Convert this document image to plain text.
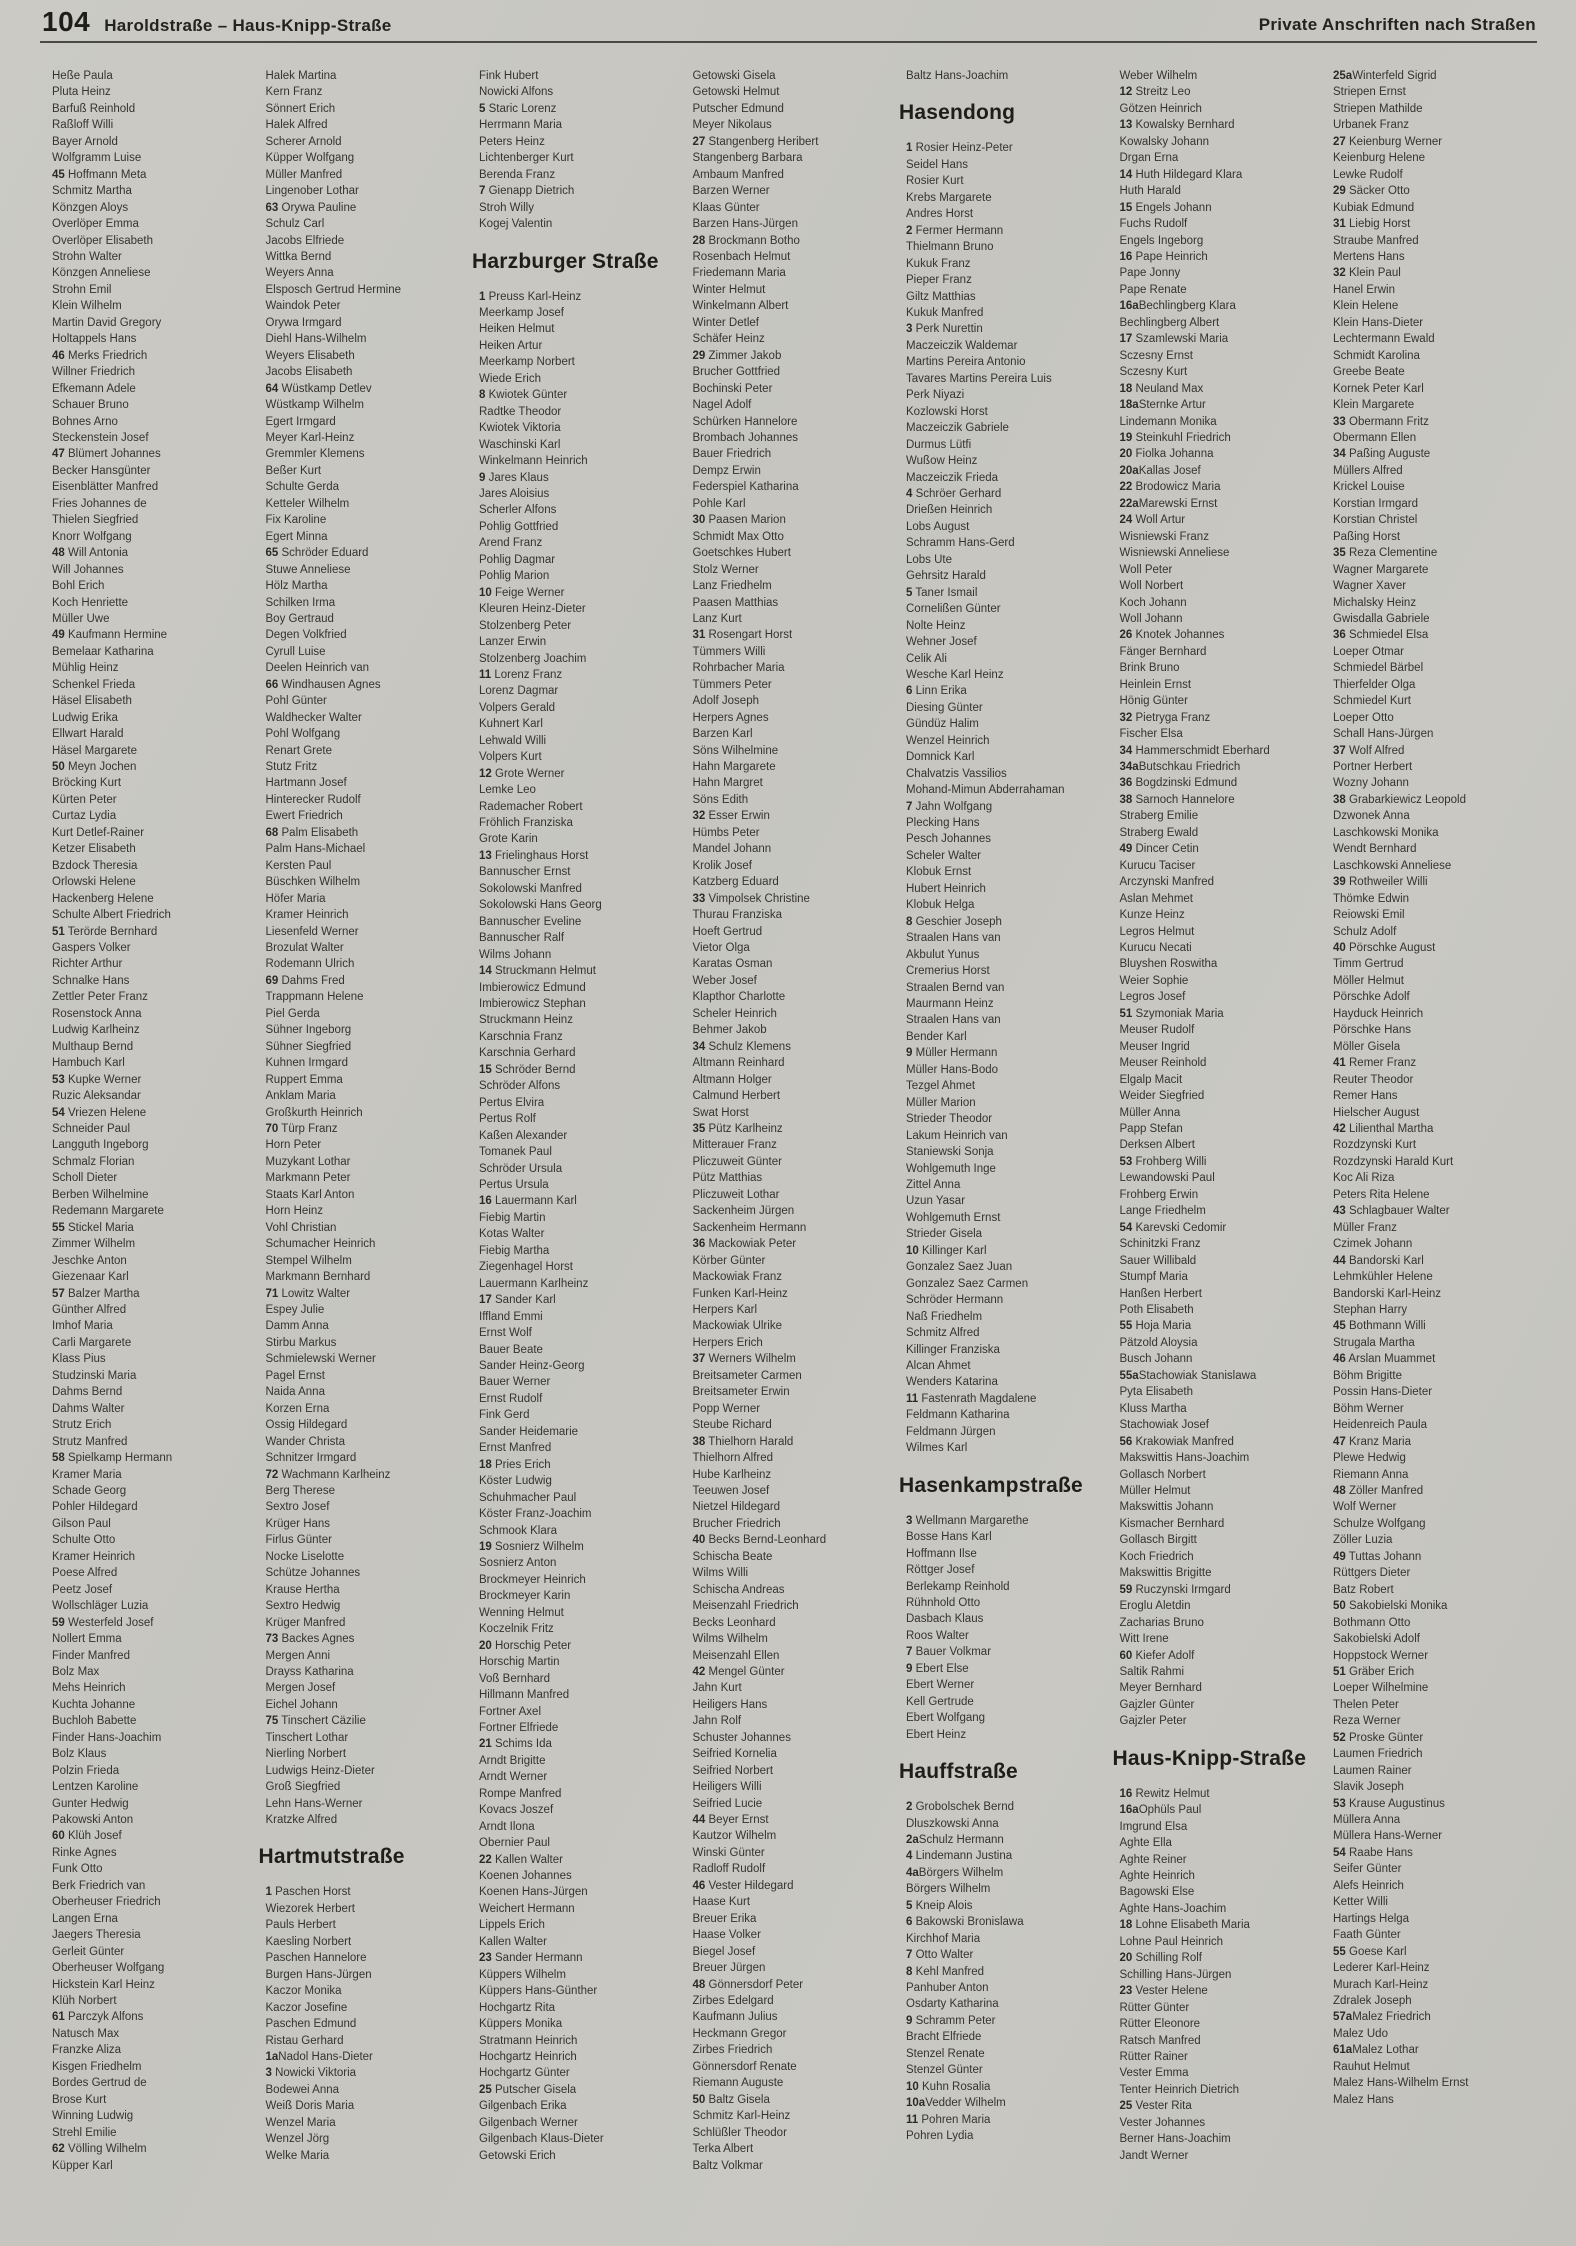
104 Haroldstraße – Haus-Knipp-Straße	Private Anschriften nach Straßen
Heße Paula
Pluta Heinz
Barfuß Reinhold
Raßloff Willi
Bayer Arnold
Wolfgramm Luise
45 Hoffmann Meta
Schmitz Martha
Könzgen Aloys
Overlöper Emma
Overlöper Elisabeth
Strohn Walter
Könzgen Anneliese
Strohn Emil
Klein Wilhelm
Martin David Gregory
Holtappels Hans
46 Merks Friedrich
Willner Friedrich
Efkemann Adele
Schauer Bruno
Bohnes Arno
Steckenstein Josef
47 Blümert Johannes
Becker Hansgünter
Eisenblätter Manfred
Fries Johannes de
Thielen Siegfried
Knorr Wolfgang
48 Will Antonia
Will Johannes
Bohl Erich
Koch Henriette
Müller Uwe
49 Kaufmann Hermine
Bemelaar Katharina
Mühlig Heinz
Schenkel Frieda
Häsel Elisabeth
Ludwig Erika
Ellwart Harald
Häsel Margarete
50 Meyn Jochen
Bröcking Kurt
Kürten Peter
Curtaz Lydia
Kurt Detlef-Rainer
Ketzer Elisabeth
Bzdock Theresia
Orlowski Helene
Hackenberg Helene
Schulte Albert Friedrich
51 Terörde Bernhard
Gaspers Volker
Richter Arthur
Schnalke Hans
Zettler Peter Franz
Rosenstock Anna
Ludwig Karlheinz
Multhaup Bernd
Hambuch Karl
53 Kupke Werner
Ruzic Aleksandar
54 Vriezen Helene
Schneider Paul
Langguth Ingeborg
Schmalz Florian
Scholl Dieter
Berben Wilhelmine
Redemann Margarete
55 Stickel Maria
Zimmer Wilhelm
Jeschke Anton
Giezenaar Karl
57 Balzer Martha
Günther Alfred
Imhof Maria
Carli Margarete
Klass Pius
Studzinski Maria
Dahms Bernd
Dahms Walter
Strutz Erich
Strutz Manfred
58 Spielkamp Hermann
Kramer Maria
Schade Georg
Pohler Hildegard
Gilson Paul
Schulte Otto
Kramer Heinrich
Poese Alfred
Peetz Josef
Wollschläger Luzia
59 Westerfeld Josef
Nollert Emma
Finder Manfred
Bolz Max
Mehs Heinrich
Kuchta Johanne
Buchloh Babette
Finder Hans-Joachim
Bolz Klaus
Polzin Frieda
Lentzen Karoline
Gunter Hedwig
Pakowski Anton
60 Klüh Josef
Rinke Agnes
Funk Otto
Berk Friedrich van
Oberheuser Friedrich
Langen Erna
Jaegers Theresia
Gerleit Günter
Oberheuser Wolfgang
Hickstein Karl Heinz
Klüh Norbert
61 Parczyk Alfons
Natusch Max
Franzke Aliza
Kisgen Friedhelm
Bordes Gertrud de
Brose Kurt
Winning Ludwig
Strehl Emilie
62 Völling Wilhelm
Küpper Karl
Halek Martina
Kern Franz
Sönnert Erich
Halek Alfred
Scherer Arnold
Küpper Wolfgang
Müller Manfred
Lingenober Lothar
63 Orywa Pauline
Schulz Carl
Jacobs Elfriede
Wittka Bernd
Weyers Anna
Elsposch Gertrud Hermine
Waindok Peter
Orywa Irmgard
Diehl Hans-Wilhelm
Weyers Elisabeth
Jacobs Elisabeth
64 Wüstkamp Detlev
Wüstkamp Wilhelm
Egert Irmgard
Meyer Karl-Heinz
Gremmler Klemens
Beßer Kurt
Schulte Gerda
Ketteler Wilhelm
Fix Karoline
Egert Minna
65 Schröder Eduard
Stuwe Anneliese
Hölz Martha
Schilken Irma
Boy Gertraud
Degen Volkfried
Cyrull Luise
Deelen Heinrich van
66 Windhausen Agnes
Pohl Günter
Waldhecker Walter
Pohl Wolfgang
Renart Grete
Stutz Fritz
Hartmann Josef
Hinterecker Rudolf
Ewert Friedrich
68 Palm Elisabeth
Palm Hans-Michael
Kersten Paul
Büschken Wilhelm
Höfer Maria
Kramer Heinrich
Liesenfeld Werner
Brozulat Walter
Rodemann Ulrich
69 Dahms Fred
Trappmann Helene
Piel Gerda
Sühner Ingeborg
Sühner Siegfried
Kuhnen Irmgard
Ruppert Emma
Anklam Maria
Großkurth Heinrich
70 Türp Franz
Horn Peter
Muzykant Lothar
Markmann Peter
Staats Karl Anton
Horn Heinz
Vohl Christian
Schumacher Heinrich
Stempel Wilhelm
Markmann Bernhard
71 Lowitz Walter
Espey Julie
Damm Anna
Stirbu Markus
Schmielewski Werner
Pagel Ernst
Naida Anna
Korzen Erna
Ossig Hildegard
Wander Christa
Schnitzer Irmgard
72 Wachmann Karlheinz
Berg Therese
Sextro Josef
Krüger Hans
Firlus Günter
Nocke Liselotte
Schütze Johannes
Krause Hertha
Sextro Hedwig
Krüger Manfred
73 Backes Agnes
Mergen Anni
Drayss Katharina
Mergen Josef
Eichel Johann
75 Tinschert Cäzilie
Tinschert Lothar
Nierling Norbert
Ludwigs Heinz-Dieter
Groß Siegfried
Lehn Hans-Werner
Kratzke Alfred
Hartmutstraße
1 Paschen Horst
Wiezorek Herbert
Pauls Herbert
Kaesling Norbert
Paschen Hannelore
Burgen Hans-Jürgen
Kaczor Monika
Kaczor Josefine
Paschen Edmund
Ristau Gerhard
1aNadol Hans-Dieter
3 Nowicki Viktoria
Bodewei Anna
Weiß Doris Maria
Wenzel Maria
Wenzel Jörg
Welke Maria
Fink Hubert
Nowicki Alfons
5 Staric Lorenz
Herrmann Maria
Peters Heinz
Lichtenberger Kurt
Berenda Franz
7 Gienapp Dietrich
Stroh Willy
Kogej Valentin
Harzburger Straße
1 Preuss Karl-Heinz
Meerkamp Josef
Heiken Helmut
Heiken Artur
Meerkamp Norbert
Wiede Erich
8 Kwiotek Günter
Radtke Theodor
Kwiotek Viktoria
Waschinski Karl
Winkelmann Heinrich
9 Jares Klaus
Jares Aloisius
Scherler Alfons
Pohlig Gottfried
Arend Franz
Pohlig Dagmar
Pohlig Marion
10 Feige Werner
Kleuren Heinz-Dieter
Stolzenberg Peter
Lanzer Erwin
Stolzenberg Joachim
11 Lorenz Franz
Lorenz Dagmar
Volpers Gerald
Kuhnert Karl
Lehwald Willi
Volpers Kurt
12 Grote Werner
Lemke Leo
Rademacher Robert
Fröhlich Franziska
Grote Karin
13 Frielinghaus Horst
Bannuscher Ernst
Sokolowski Manfred
Sokolowski Hans Georg
Bannuscher Eveline
Bannuscher Ralf
Wilms Johann
14 Struckmann Helmut
Imbierowicz Edmund
Imbierowicz Stephan
Struckmann Heinz
Karschnia Franz
Karschnia Gerhard
15 Schröder Bernd
Schröder Alfons
Pertus Elvira
Pertus Rolf
Kaßen Alexander
Tomanek Paul
Schröder Ursula
Pertus Ursula
16 Lauermann Karl
Fiebig Martin
Kotas Walter
Fiebig Martha
Ziegenhagel Horst
Lauermann Karlheinz
17 Sander Karl
Iffland Emmi
Ernst Wolf
Bauer Beate
Sander Heinz-Georg
Bauer Werner
Ernst Rudolf
Fink Gerd
Sander Heidemarie
Ernst Manfred
18 Pries Erich
Köster Ludwig
Schuhmacher Paul
Köster Franz-Joachim
Schmook Klara
19 Sosnierz Wilhelm
Sosnierz Anton
Brockmeyer Heinrich
Brockmeyer Karin
Wenning Helmut
Koczelnik Fritz
20 Horschig Peter
Horschig Martin
Voß Bernhard
Hillmann Manfred
Fortner Axel
Fortner Elfriede
21 Schims Ida
Arndt Brigitte
Arndt Werner
Rompe Manfred
Kovacs Joszef
Arndt Ilona
Obernier Paul
22 Kallen Walter
Koenen Johannes
Koenen Hans-Jürgen
Weichert Hermann
Lippels Erich
Kallen Walter
23 Sander Hermann
Küppers Wilhelm
Küppers Hans-Günther
Hochgartz Rita
Küppers Monika
Stratmann Heinrich
Hochgartz Heinrich
Hochgartz Günter
25 Putscher Gisela
Gilgenbach Erika
Gilgenbach Werner
Gilgenbach Klaus-Dieter
Getowski Erich
Getowski Gisela
Getowski Helmut
Putscher Edmund
Meyer Nikolaus
27 Stangenberg Heribert
Stangenberg Barbara
Ambaum Manfred
Barzen Werner
Klaas Günter
Barzen Hans-Jürgen
28 Brockmann Botho
Rosenbach Helmut
Friedemann Maria
Winter Helmut
Winkelmann Albert
Winter Detlef
Schäfer Heinz
29 Zimmer Jakob
Brucher Gottfried
Bochinski Peter
Nagel Adolf
Schürken Hannelore
Brombach Johannes
Bauer Friedrich
Dempz Erwin
Federspiel Katharina
Pohle Karl
30 Paasen Marion
Schmidt Max Otto
Goetschkes Hubert
Stolz Werner
Lanz Friedhelm
Paasen Matthias
Lanz Kurt
31 Rosengart Horst
Tümmers Willi
Rohrbacher Maria
Tümmers Peter
Adolf Joseph
Herpers Agnes
Barzen Karl
Söns Wilhelmine
Hahn Margarete
Hahn Margret
Söns Edith
32 Esser Erwin
Hümbs Peter
Mandel Johann
Krolik Josef
Katzberg Eduard
33 Vimpolsek Christine
Thurau Franziska
Hoeft Gertrud
Vietor Olga
Karatas Osman
Weber Josef
Klapthor Charlotte
Scheler Heinrich
Behmer Jakob
34 Schulz Klemens
Altmann Reinhard
Altmann Holger
Calmund Herbert
Swat Horst
35 Pütz Karlheinz
Mitterauer Franz
Pliczuweit Günter
Pütz Matthias
Pliczuweit Lothar
Sackenheim Jürgen
Sackenheim Hermann
36 Mackowiak Peter
Körber Günter
Mackowiak Franz
Funken Karl-Heinz
Herpers Karl
Mackowiak Ulrike
Herpers Erich
37 Werners Wilhelm
Breitsameter Carmen
Breitsameter Erwin
Popp Werner
Steube Richard
38 Thielhorn Harald
Thielhorn Alfred
Hube Karlheinz
Teeuwen Josef
Nietzel Hildegard
Brucher Friedrich
40 Becks Bernd-Leonhard
Schischa Beate
Wilms Willi
Schischa Andreas
Meisenzahl Friedrich
Becks Leonhard
Wilms Wilhelm
Meisenzahl Ellen
42 Mengel Günter
Jahn Kurt
Heiligers Hans
Jahn Rolf
Schuster Johannes
Seifried Kornelia
Seifried Norbert
Heiligers Willi
Seifried Lucie
44 Beyer Ernst
Kautzor Wilhelm
Winski Günter
Radloff Rudolf
46 Vester Hildegard
Haase Kurt
Breuer Erika
Haase Volker
Biegel Josef
Breuer Jürgen
48 Gönnersdorf Peter
Zirbes Edelgard
Kaufmann Julius
Heckmann Gregor
Zirbes Friedrich
Gönnersdorf Renate
Riemann Auguste
50 Baltz Gisela
Schmitz Karl-Heinz
Schlüßler Theodor
Terka Albert
Baltz Volkmar
Baltz Hans-Joachim
Hasendong
1 Rosier Heinz-Peter
Seidel Hans
Rosier Kurt
Krebs Margarete
Andres Horst
2 Fermer Hermann
Thielmann Bruno
Kukuk Franz
Pieper Franz
Giltz Matthias
Kukuk Manfred
3 Perk Nurettin
Maczeiczik Waldemar
Martins Pereira Antonio
Tavares Martins Pereira Luis
Perk Niyazi
Kozlowski Horst
Maczeiczik Gabriele
Durmus Lütfi
Wußow Heinz
Maczeiczik Frieda
4 Schröer Gerhard
Drießen Heinrich
Lobs August
Schramm Hans-Gerd
Lobs Ute
Gehrsitz Harald
5 Taner Ismail
Cornelißen Günter
Nolte Heinz
Wehner Josef
Celik Ali
Wesche Karl Heinz
6 Linn Erika
Diesing Günter
Gündüz Halim
Wenzel Heinrich
Domnick Karl
Chalvatzis Vassilios
Mohand-Mimun Abderrahaman
7 Jahn Wolfgang
Plecking Hans
Pesch Johannes
Scheler Walter
Klobuk Ernst
Hubert Heinrich
Klobuk Helga
8 Geschier Joseph
Straalen Hans van
Akbulut Yunus
Cremerius Horst
Straalen Bernd van
Maurmann Heinz
Straalen Hans van
Bender Karl
9 Müller Hermann
Müller Hans-Bodo
Tezgel Ahmet
Müller Marion
Strieder Theodor
Lakum Heinrich van
Staniewski Sonja
Wohlgemuth Inge
Zittel Anna
Uzun Yasar
Wohlgemuth Ernst
Strieder Gisela
10 Killinger Karl
Gonzalez Saez Juan
Gonzalez Saez Carmen
Schröder Hermann
Naß Friedhelm
Schmitz Alfred
Killinger Franziska
Alcan Ahmet
Wenders Katarina
11 Fastenrath Magdalene
Feldmann Katharina
Feldmann Jürgen
Wilmes Karl
Hasenkampstraße
3 Wellmann Margarethe
Bosse Hans Karl
Hoffmann Ilse
Röttger Josef
Berlekamp Reinhold
Rühnhold Otto
Dasbach Klaus
Roos Walter
7 Bauer Volkmar
9 Ebert Else
Ebert Werner
Kell Gertrude
Ebert Wolfgang
Ebert Heinz
Hauffstraße
2 Grobolschek Bernd
Dluszkowski Anna
2aSchulz Hermann
4 Lindemann Justina
4aBörgers Wilhelm
Börgers Wilhelm
5 Kneip Alois
6 Bakowski Bronislawa
Kirchhof Maria
7 Otto Walter
8 Kehl Manfred
Panhuber Anton
Osdarty Katharina
9 Schramm Peter
Bracht Elfriede
Stenzel Renate
Stenzel Günter
10 Kuhn Rosalia
10aVedder Wilhelm
11 Pohren Maria
Pohren Lydia
Weber Wilhelm
12 Streitz Leo
Götzen Heinrich
13 Kowalsky Bernhard
Kowalsky Johann
Drgan Erna
14 Huth Hildegard Klara
Huth Harald
15 Engels Johann
Fuchs Rudolf
Engels Ingeborg
16 Pape Heinrich
Pape Jonny
Pape Renate
16aBechlingberg Klara
Bechlingberg Albert
17 Szamlewski Maria
Sczesny Ernst
Sczesny Kurt
18 Neuland Max
18aSternke Artur
Lindemann Monika
19 Steinkuhl Friedrich
20 Fiolka Johanna
20aKallas Josef
22 Brodowicz Maria
22aMarewski Ernst
24 Woll Artur
Wisniewski Franz
Wisniewski Anneliese
Woll Peter
Woll Norbert
Koch Johann
Woll Johann
26 Knotek Johannes
Fänger Bernhard
Brink Bruno
Heinlein Ernst
Hönig Günter
32 Pietryga Franz
Fischer Elsa
34 Hammerschmidt Eberhard
34aButschkau Friedrich
36 Bogdzinski Edmund
38 Sarnoch Hannelore
Straberg Emilie
Straberg Ewald
49 Dincer Cetin
Kurucu Taciser
Arczynski Manfred
Aslan Mehmet
Kunze Heinz
Legros Helmut
Kurucu Necati
Bluyshen Roswitha
Weier Sophie
Legros Josef
51 Szymoniak Maria
Meuser Rudolf
Meuser Ingrid
Meuser Reinhold
Elgalp Macit
Weider Siegfried
Müller Anna
Papp Stefan
Derksen Albert
53 Frohberg Willi
Lewandowski Paul
Frohberg Erwin
Lange Friedhelm
54 Karevski Cedomir
Schinitzki Franz
Sauer Willibald
Stumpf Maria
Hanßen Herbert
Poth Elisabeth
55 Hoja Maria
Pätzold Aloysia
Busch Johann
55aStachowiak Stanislawa
Pyta Elisabeth
Kluss Martha
Stachowiak Josef
56 Krakowiak Manfred
Makswittis Hans-Joachim
Gollasch Norbert
Müller Helmut
Makswittis Johann
Kismacher Bernhard
Gollasch Birgitt
Koch Friedrich
Makswittis Brigitte
59 Ruczynski Irmgard
Eroglu Aletdin
Zacharias Bruno
Witt Irene
60 Kiefer Adolf
Saltik Rahmi
Meyer Bernhard
Gajzler Günter
Gajzler Peter
Haus-Knipp-Straße
16 Rewitz Helmut
16aOphüls Paul
Imgrund Elsa
Aghte Ella
Aghte Reiner
Aghte Heinrich
Bagowski Else
Aghte Hans-Joachim
18 Lohne Elisabeth Maria
Lohne Paul Heinrich
20 Schilling Rolf
Schilling Hans-Jürgen
23 Vester Helene
Rütter Günter
Rütter Eleonore
Ratsch Manfred
Rütter Rainer
Vester Emma
Tenter Heinrich Dietrich
25 Vester Rita
Vester Johannes
Berner Hans-Joachim
Jandt Werner
25aWinterfeld Sigrid
Striepen Ernst
Striepen Mathilde
Urbanek Franz
27 Keienburg Werner
Keienburg Helene
Lewke Rudolf
29 Säcker Otto
Kubiak Edmund
31 Liebig Horst
Straube Manfred
Mertens Hans
32 Klein Paul
Hanel Erwin
Klein Helene
Klein Hans-Dieter
Lechtermann Ewald
Schmidt Karolina
Greebe Beate
Kornek Peter Karl
Klein Margarete
33 Obermann Fritz
Obermann Ellen
34 Paßing Auguste
Müllers Alfred
Krickel Louise
Korstian Irmgard
Korstian Christel
Paßing Horst
35 Reza Clementine
Wagner Margarete
Wagner Xaver
Michalsky Heinz
Gwisdalla Gabriele
36 Schmiedel Elsa
Loeper Otmar
Schmiedel Bärbel
Thierfelder Olga
Schmiedel Kurt
Loeper Otto
Schall Hans-Jürgen
37 Wolf Alfred
Portner Herbert
Wozny Johann
38 Grabarkiewicz Leopold
Dzwonek Anna
Laschkowski Monika
Wendt Bernhard
Laschkowski Anneliese
39 Rothweiler Willi
Thömke Edwin
Reiowski Emil
Schulz Adolf
40 Pörschke August
Timm Gertrud
Möller Helmut
Pörschke Adolf
Hayduck Heinrich
Pörschke Hans
Möller Gisela
41 Remer Franz
Reuter Theodor
Remer Hans
Hielscher August
42 Lilienthal Martha
Rozdzynski Kurt
Rozdzynski Harald Kurt
Koc Ali Riza
Peters Rita Helene
43 Schlagbauer Walter
Müller Franz
Czimek Johann
44 Bandorski Karl
Lehmkühler Helene
Bandorski Karl-Heinz
Stephan Harry
45 Bothmann Willi
Strugala Martha
46 Arslan Muammet
Böhm Brigitte
Possin Hans-Dieter
Böhm Werner
Heidenreich Paula
47 Kranz Maria
Plewe Hedwig
Riemann Anna
48 Zöller Manfred
Wolf Werner
Schulze Wolfgang
Zöller Luzia
49 Tuttas Johann
Rüttgers Dieter
Batz Robert
50 Sakobielski Monika
Bothmann Otto
Sakobielski Adolf
Hoppstock Werner
51 Gräber Erich
Loeper Wilhelmine
Thelen Peter
Reza Werner
52 Proske Günter
Laumen Friedrich
Laumen Rainer
Slavik Joseph
53 Krause Augustinus
Müllera Anna
Müllera Hans-Werner
54 Raabe Hans
Seifer Günter
Alefs Heinrich
Ketter Willi
Hartings Helga
Faath Günter
55 Goese Karl
Lederer Karl-Heinz
Murach Karl-Heinz
Zdralek Joseph
57aMalez Friedrich
Malez Udo
61aMalez Lothar
Rauhut Helmut
Malez Hans-Wilhelm Ernst
Malez Hans
